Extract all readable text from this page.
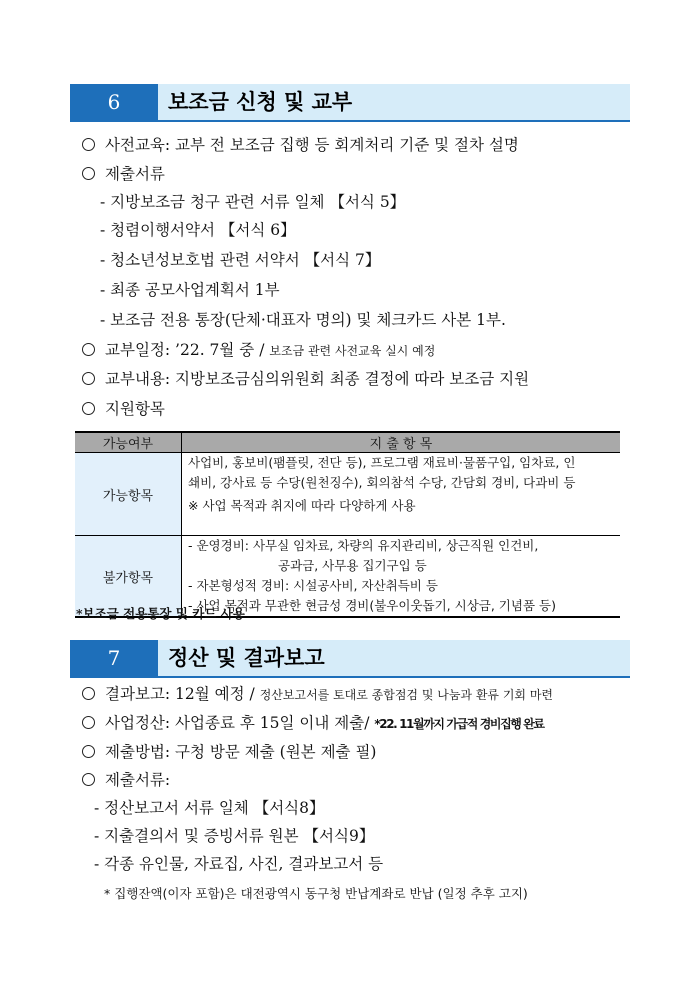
6	보조금 신청 및 교부
사전교육: 교부 전 보조금 집행 등 회계처리 기준 및 절차 설명
제출서류
- 지방보조금 청구 관련 서류 일체 【서식 5】
- 청렴이행서약서 【서식 6】
- 청소년성보호법 관련 서약서 【서식 7】
- 최종 공모사업계획서 1부
- 보조금 전용 통장(단체·대표자 명의) 및 체크카드 사본 1부.
교부일정: ’22. 7월 중 / 보조금 관련 사전교육 실시 예정
교부내용: 지방보조금심의위원회 최종 결정에 따라 보조금 지원
지원항목
가능여부	지 출 항 목
가능항목	사업비, 홍보비(팸플릿, 전단 등), 프로그램 재료비·물품구입, 임차료, 인
쇄비, 강사료 등 수당(원천징수), 회의참석 수당, 간담회 경비, 다과비 등
※ 사업 목적과 취지에 따라 다양하게 사용

불가항목	- 운영경비: 사무실 임차료, 차량의 유지관리비, 상근직원 인건비,
공과금, 사무용 집기구입 등
- 자본형성적 경비: 시설공사비, 자산취득비 등
- 사업 목적과 무관한 현금성 경비(불우이웃돕기, 시상금, 기념품 등)
*보조금 전용통장 및 카드 사용
7	정산 및 결과보고
결과보고: 12월 예정 / 정산보고서를 토대로 종합점검 및 나눔과 환류 기회 마련
사업정산: 사업종료 후 15일 이내 제출/ *22. 11월까지 가급적 경비집행 완료
제출방법: 구청 방문 제출 (원본 제출 필)
제출서류:
- 정산보고서 서류 일체 【서식8】
- 지출결의서 및 증빙서류 원본 【서식9】
- 각종 유인물, 자료집, 사진, 결과보고서 등
* 집행잔액(이자 포함)은 대전광역시 동구청 반납계좌로 반납 (일정 추후 고지)
